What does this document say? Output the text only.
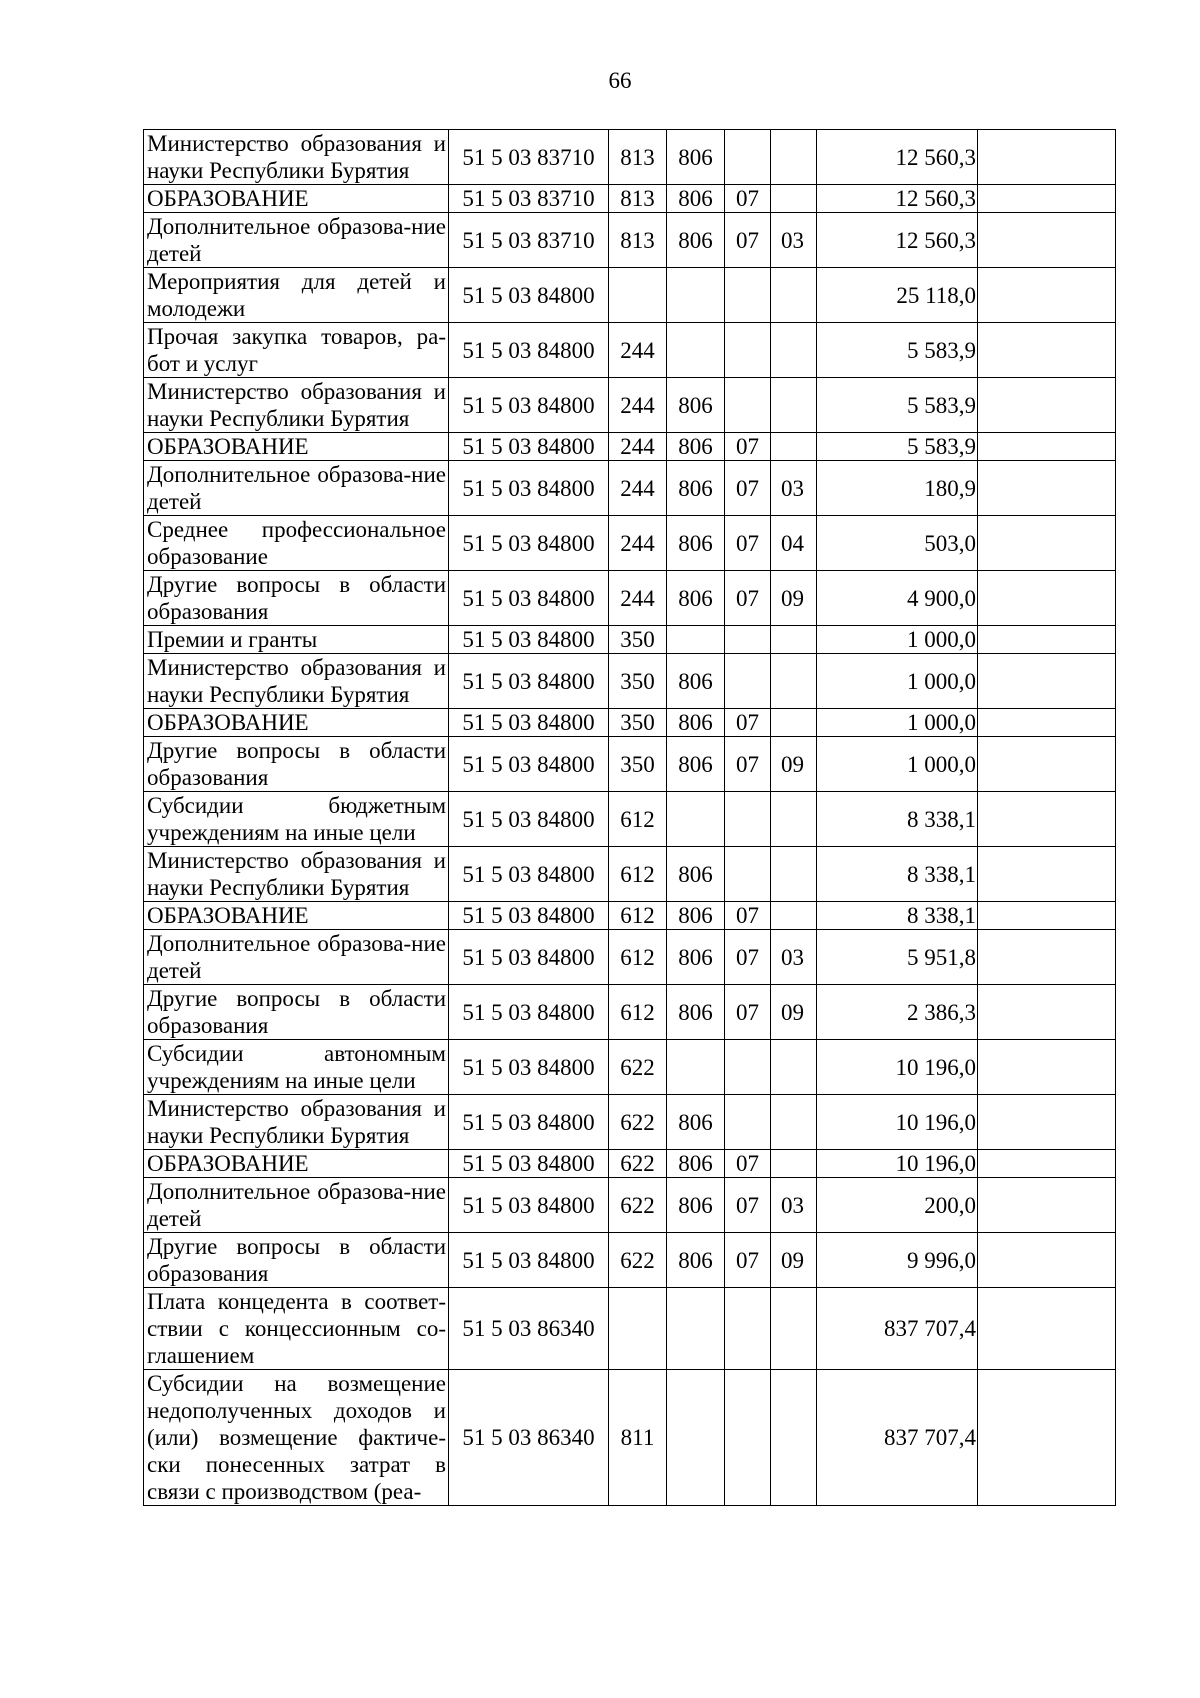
66
Министерство образования и науки Республики Бурятия	51 5 03 83710	813	806			12 560,3	
ОБРАЗОВАНИЕ	51 5 03 83710	813	806	07		12 560,3	
Дополнительное образова-ние детей	51 5 03 83710	813	806	07	03	12 560,3	
Мероприятия для детей и молодежи	51 5 03 84800					25 118,0	
Прочая закупка товаров, ра-бот и услуг	51 5 03 84800	244				5 583,9	
Министерство образования и науки Республики Бурятия	51 5 03 84800	244	806			5 583,9	
ОБРАЗОВАНИЕ	51 5 03 84800	244	806	07		5 583,9	
Дополнительное образова-ние детей	51 5 03 84800	244	806	07	03	180,9	
Среднее профессиональное образование	51 5 03 84800	244	806	07	04	503,0	
Другие вопросы в области образования	51 5 03 84800	244	806	07	09	4 900,0	
Премии и гранты	51 5 03 84800	350				1 000,0	
Министерство образования и науки Республики Бурятия	51 5 03 84800	350	806			1 000,0	
ОБРАЗОВАНИЕ	51 5 03 84800	350	806	07		1 000,0	
Другие вопросы в области образования	51 5 03 84800	350	806	07	09	1 000,0	
Субсидии бюджетным учреждениям на иные цели	51 5 03 84800	612				8 338,1	
Министерство образования и науки Республики Бурятия	51 5 03 84800	612	806			8 338,1	
ОБРАЗОВАНИЕ	51 5 03 84800	612	806	07		8 338,1	
Дополнительное образова-ние детей	51 5 03 84800	612	806	07	03	5 951,8	
Другие вопросы в области образования	51 5 03 84800	612	806	07	09	2 386,3	
Субсидии автономным учреждениям на иные цели	51 5 03 84800	622				10 196,0	
Министерство образования и науки Республики Бурятия	51 5 03 84800	622	806			10 196,0	
ОБРАЗОВАНИЕ	51 5 03 84800	622	806	07		10 196,0	
Дополнительное образова-ние детей	51 5 03 84800	622	806	07	03	200,0	
Другие вопросы в области образования	51 5 03 84800	622	806	07	09	9 996,0	
Плата концедента в соответ-ствии с концессионным со-глашением	51 5 03 86340					837 707,4	
Субсидии на возмещение недополученных доходов и (или) возмещение фактиче-ски понесенных затрат в связи с производством (реа-	51 5 03 86340	811				837 707,4	
